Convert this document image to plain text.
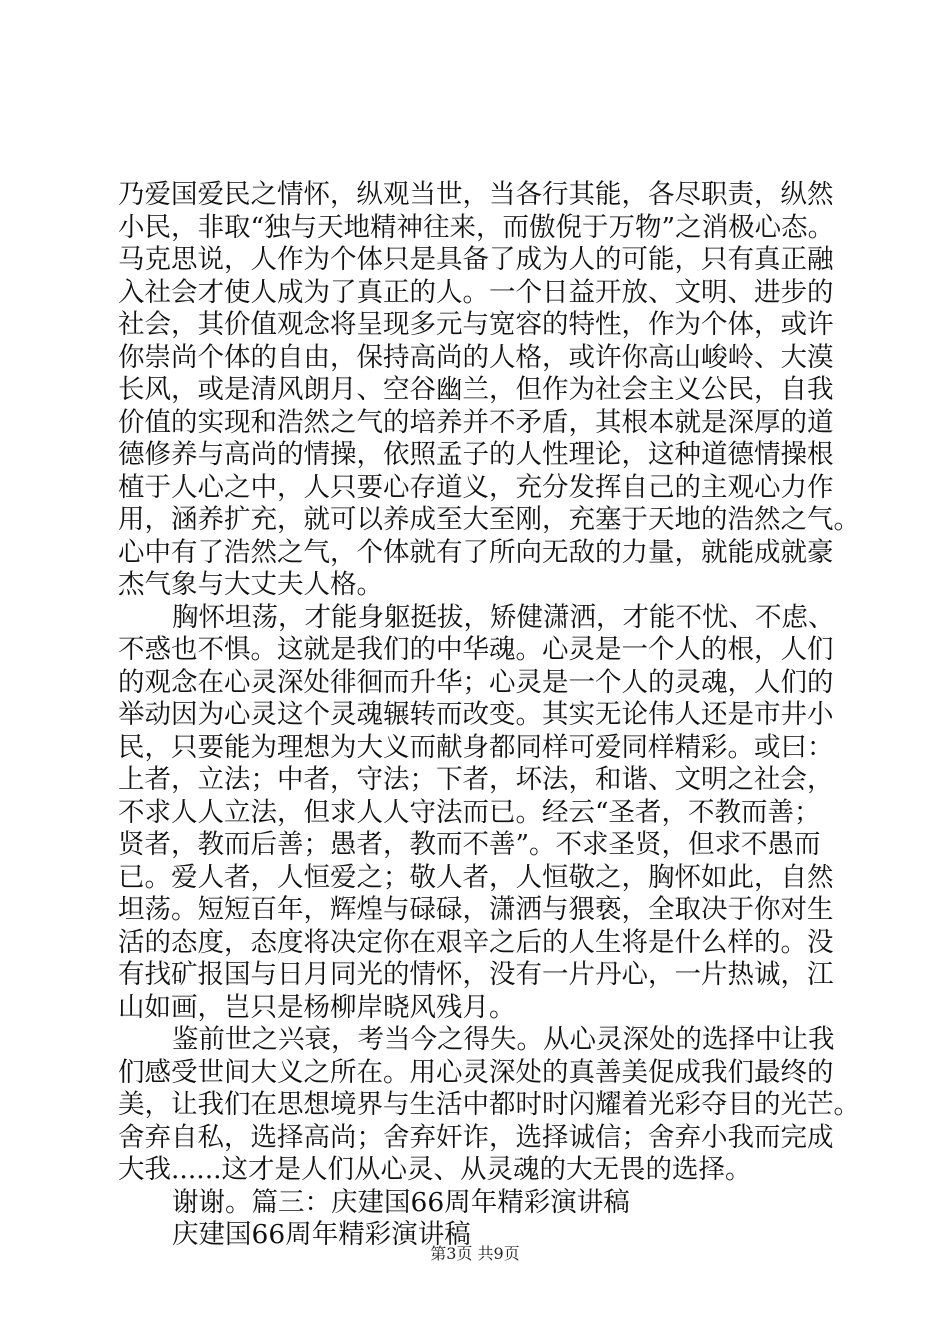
乃爱国爱民之情怀，纵观当世，当各行其能，各尽职责，纵然
小民，非取“独与天地精神往来，而傲倪于万物”之消极心态。
马克思说，人作为个体只是具备了成为人的可能，只有真正融
入社会才使人成为了真正的人。一个日益开放、文明、进步的
社会，其价值观念将呈现多元与宽容的特性，作为个体，或许
你崇尚个体的自由，保持高尚的人格，或许你高山峻岭、大漠
长风，或是清风朗月、空谷幽兰，但作为社会主义公民，自我
价值的实现和浩然之气的培养并不矛盾，其根本就是深厚的道
德修养与高尚的情操，依照孟子的人性理论，这种道德情操根
植于人心之中，人只要心存道义，充分发挥自己的主观心力作
用，涵养扩充，就可以养成至大至刚，充塞于天地的浩然之气。
心中有了浩然之气，个体就有了所向无敌的力量，就能成就豪
杰气象与大丈夫人格。
胸怀坦荡，才能身躯挺拔，矫健潇洒，才能不忧、不虑、
不惑也不惧。这就是我们的中华魂。心灵是一个人的根，人们
的观念在心灵深处徘徊而升华；心灵是一个人的灵魂，人们的
举动因为心灵这个灵魂辗转而改变。其实无论伟人还是市井小
民，只要能为理想为大义而献身都同样可爱同样精彩。或曰：
上者，立法；中者，守法；下者，坏法，和谐、文明之社会，
不求人人立法，但求人人守法而已。经云“圣者，不教而善；
贤者，教而后善；愚者，教而不善”。不求圣贤，但求不愚而
已。爱人者，人恒爱之；敬人者，人恒敬之，胸怀如此，自然
坦荡。短短百年，辉煌与碌碌，潇洒与猥亵，全取决于你对生
活的态度，态度将决定你在艰辛之后的人生将是什么样的。没
有找矿报国与日月同光的情怀，没有一片丹心，一片热诚，江
山如画，岂只是杨柳岸晓风残月。
鉴前世之兴衰，考当今之得失。从心灵深处的选择中让我
们感受世间大义之所在。用心灵深处的真善美促成我们最终的
美，让我们在思想境界与生活中都时时闪耀着光彩夺目的光芒。
舍弃自私，选择高尚；舍弃奸诈，选择诚信；舍弃小我而完成
大我......这才是人们从心灵、从灵魂的大无畏的选择。
谢谢。篇三：庆建国66周年精彩演讲稿
庆建国66周年精彩演讲稿
第3页 共9页
